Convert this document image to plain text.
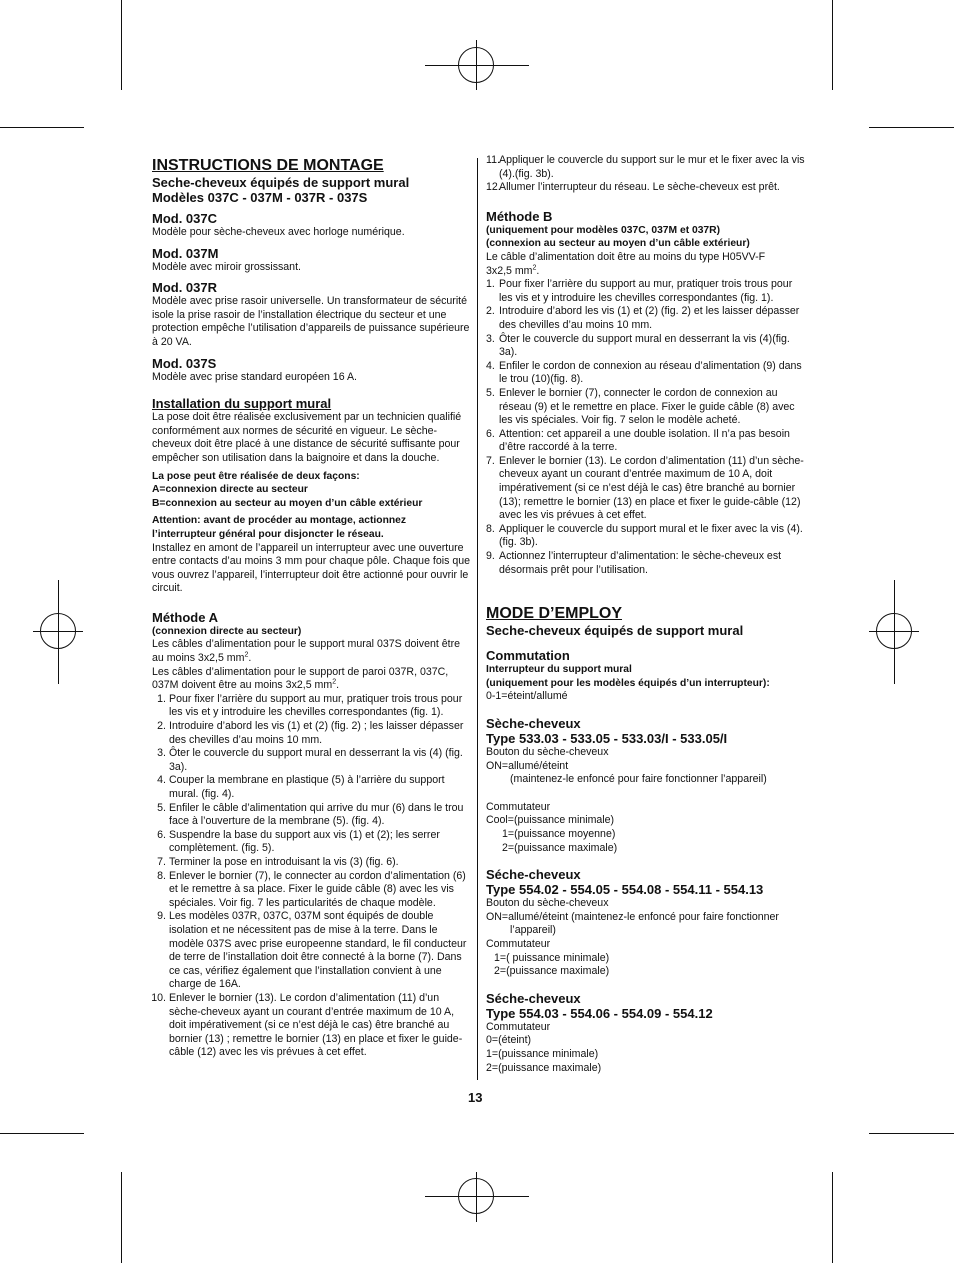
INSTRUCTIONS DE MONTAGE

Seche-cheveux équipés de support mural

Modèles 037C - 037M - 037R - 037S

Mod. 037C

Modèle pour sèche-cheveux avec horloge numérique.

Mod. 037M

Modèle avec miroir grossissant.

Mod. 037R

Modèle avec prise rasoir universelle. Un transformateur de sécurité isole la prise rasoir de l’installation électrique du secteur et une protection empêche l’utilisation d’appareils de puissance supérieure à 20 VA.

Mod. 037S

Modèle avec prise standard européen 16 A.

Installation du support mural

La pose doit être réalisée exclusivement par un technicien qualifié conformément aux normes de sécurité en vigueur. Le sèche-cheveux doit être placé à une distance de sécurité suffisante pour empêcher son utilisation dans la baignoire et dans la douche.

La pose peut être réalisée de deux façons:

A=connexion directe au secteur

B=connexion au secteur au moyen d’un câble extérieur

Attention: avant de procéder au montage, actionnez l’interrupteur général pour disjoncter le réseau.

Installez en amont de l’appareil un interrupteur avec une ouverture entre contacts d’au moins 3 mm pour chaque pôle. Chaque fois que vous ouvrez l’appareil, l’interrupteur doit être actionné pour ouvrir le circuit.

Méthode A

(connexion directe au secteur)

Les câbles d’alimentation pour le support mural 037S doivent être au moins 3x2,5 $mm^2$.

Les câbles d’alimentation pour le support de paroi 037R, 037C, 037M doivent être au moins 3x2,5 $mm^2$.

1. Pour fixer l’arrière du support au mur, pratiquer trois trous pour les vis et y introduire les chevilles correspondantes (fig. 1).
2. Introduire d’abord les vis (1) et (2) (fig. 2) ; les laisser dépasser des chevilles d’au moins 10 mm.
3. Ôter le couvercle du support mural en desserrant la vis (4) (fig. 3a).
4. Couper la membrane en plastique (5) à l’arrière du support mural. (fig. 4).
5. Enfiler le câble d’alimentation qui arrive du mur (6) dans le trou face à l’ouverture de la membrane (5). (fig. 4).
6. Suspendre la base du support aux vis (1) et (2); les serrer complètement. (fig. 5).
7. Terminer la pose en introduisant la vis (3) (fig. 6).
8. Enlever le bornier (7), le connecter au cordon d’alimentation (6) et le remettre à sa place. Fixer le guide câble (8) avec les vis spéciales. Voir fig. 7 les particularités de chaque modèle.
9. Les modèles 037R, 037C, 037M sont équipés de double isolation et ne nécessitent pas de mise à la terre. Dans le modèle 037S avec prise europeenne standard, le fil conducteur de terre de l’installation doit être connecté à la borne (7). Dans ce cas, vérifiez également que l’installation convient à une charge de 16A.
10. Enlever le bornier (13). Le cordon d’alimentation (11) d’un sèche-cheveux ayant un courant d’entrée maximum de 10 A, doit impérativement (si ce n’est déjà le cas) être branché au bornier (13) ; remettre le bornier (13) en place et fixer le guide-câble (12) avec les vis prévues à cet effet.
11. Appliquer le couvercle du support sur le mur et le fixer avec la vis (4).(fig. 3b).
12.
Allumer l’interrupteur du réseau. Le sèche-cheveux est prêt.
Méthode B

(uniquement pour modèles 037C, 037M et 037R)

(connexion au secteur au moyen d’un câble extérieur)

Le câble d’alimentation doit être au moins du type H05VV-F

3x2,5 $mm^2$.

1. Pour fixer l’arrière du support au mur, pratiquer trois trous pour les vis et y introduire les chevilles correspondantes (fig. 1).
2. Introduire d’abord les vis (1) et (2) (fig. 2) et les laisser dépasser des chevilles d’au moins 10 mm.
3. Ôter le couvercle du support mural en desserrant la vis (4)(fig. 3a).
4. Enfiler le cordon de connexion au réseau d’alimentation (9) dans le trou (10)(fig. 8).
5. Enlever le bornier (7), connecter le cordon de connexion au réseau (9) et le remettre en place. Fixer le guide câble (8) avec les vis spéciales. Voir fig. 7 selon le modèle acheté.
6. Attention: cet appareil a une double isolation. Il n’a pas besoin d’être raccordé à la terre.
7. Enlever le bornier (13). Le cordon d’alimentation (11) d’un sèche-cheveux ayant un courant d’entrée maximum de 10 A, doit impérativement (si ce n’est déjà le cas) être branché au bornier (13); remettre le bornier (13) en place et fixer le guide-câble (12) avec les vis prévues à cet effet.
8. Appliquer le couvercle du support mural et le fixer avec la vis (4).(fig. 3b).
9. Actionnez l’interrupteur d’alimentation: le sèche-cheveux est désormais prêt pour l’utilisation.
MODE D’EMPLOY

Seche-cheveux équipés de support mural

Commutation

Interrupteur du support mural

(uniquement pour les modèles équipés d’un interrupteur):

0-1=éteint/allumé

Sèche-cheveux
Type 533.03 - 533.05 - 533.03/I - 533.05/I

Bouton du sèche-cheveux

ON=allumé/éteint

(maintenez-le enfoncé pour faire fonctionner l’appareil)

Commutateur

Cool=(puissance minimale)

1=(puissance moyenne)

2=(puissance maximale)

Séche-cheveux
Type 554.02 - 554.05 - 554.08 - 554.11 - 554.13

Bouton du sèche-cheveux

ON=allumé/éteint (maintenez-le enfoncé pour faire fonctionner l’appareil)

Commutateur

1=( puissance minimale)

2=(puissance maximale)

Séche-cheveux
Type 554.03 - 554.06 - 554.09 - 554.12

Commutateur

0=(éteint)

1=(puissance minimale)

2=(puissance maximale)

13
